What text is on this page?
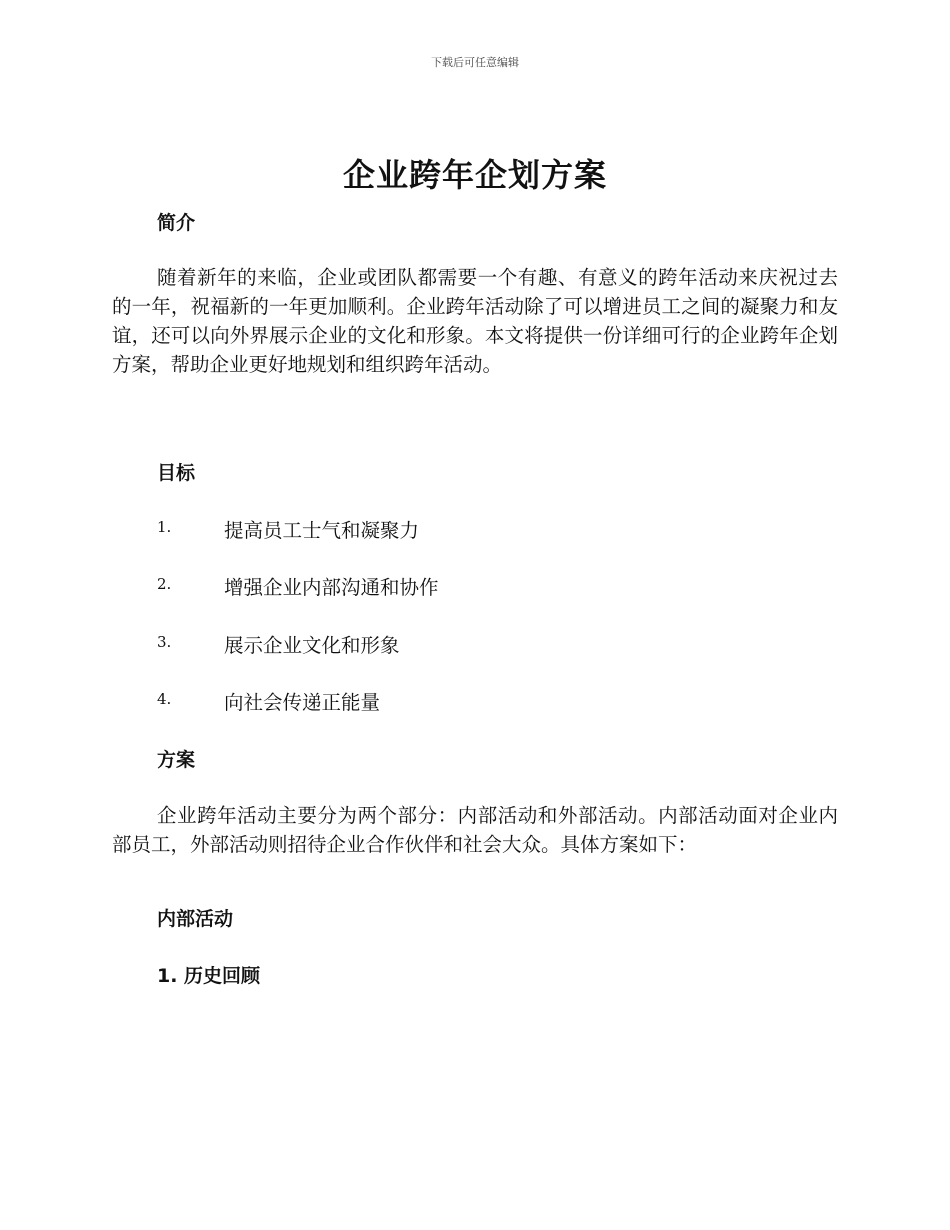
下载后可任意编辑
企业跨年企划方案
简介

随着新年的来临，企业或团队都需要一个有趣、有意义的跨年活动来庆祝过去的一年，祝福新的一年更加顺利。企业跨年活动除了可以增进员工之间的凝聚力和友谊，还可以向外界展示企业的文化和形象。本文将提供一份详细可行的企业跨年企划方案，帮助企业更好地规划和组织跨年活动。

目标
1.	提高员工士气和凝聚力
2.	增强企业内部沟通和协作
3.	展示企业文化和形象
4.	向社会传递正能量
方案

企业跨年活动主要分为两个部分：内部活动和外部活动。内部活动面对企业内部员工，外部活动则招待企业合作伙伴和社会大众。具体方案如下：

内部活动
1. 历史回顾
